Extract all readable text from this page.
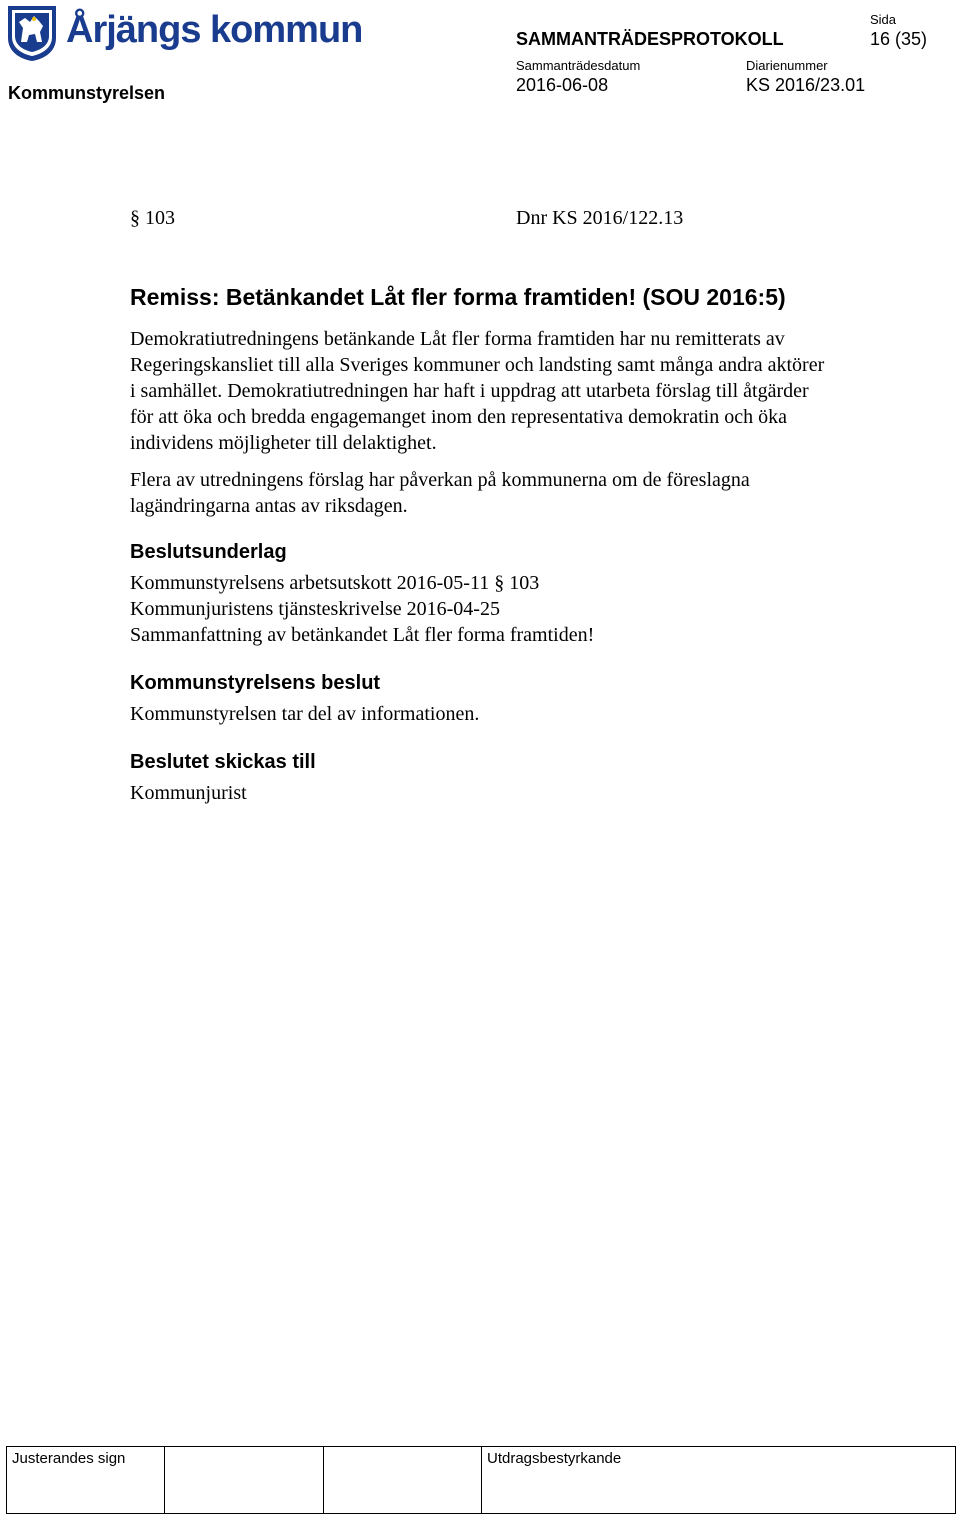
Årjängs kommun
Kommunstyrelsen
SAMMANTRÄDESPROTOKOLL
Sida
16 (35)
Sammanträdesdatum
2016-06-08
Diarienummer
KS 2016/23.01
§ 103	Dnr KS 2016/122.13
Remiss: Betänkandet Låt fler forma framtiden! (SOU 2016:5)

Demokratiutredningens betänkande Låt fler forma framtiden har nu remitterats av Regeringskansliet till alla Sveriges kommuner och landsting samt många andra aktörer i samhället. Demokratiutredningen har haft i uppdrag att utarbeta förslag till åtgärder för att öka och bredda engagemanget inom den representativa demokratin och öka individens möjligheter till delaktighet.

Flera av utredningens förslag har påverkan på kommunerna om de föreslagna lagändringarna antas av riksdagen.

Beslutsunderlag
Kommunstyrelsens arbetsutskott 2016-05-11 § 103
Kommunjuristens tjänsteskrivelse 2016-04-25
Sammanfattning av betänkandet Låt fler forma framtiden!
Kommunstyrelsens beslut
Kommunstyrelsen tar del av informationen.
Beslutet skickas till
Kommunjurist
Justerandes sign	Utdragsbestyrkande
